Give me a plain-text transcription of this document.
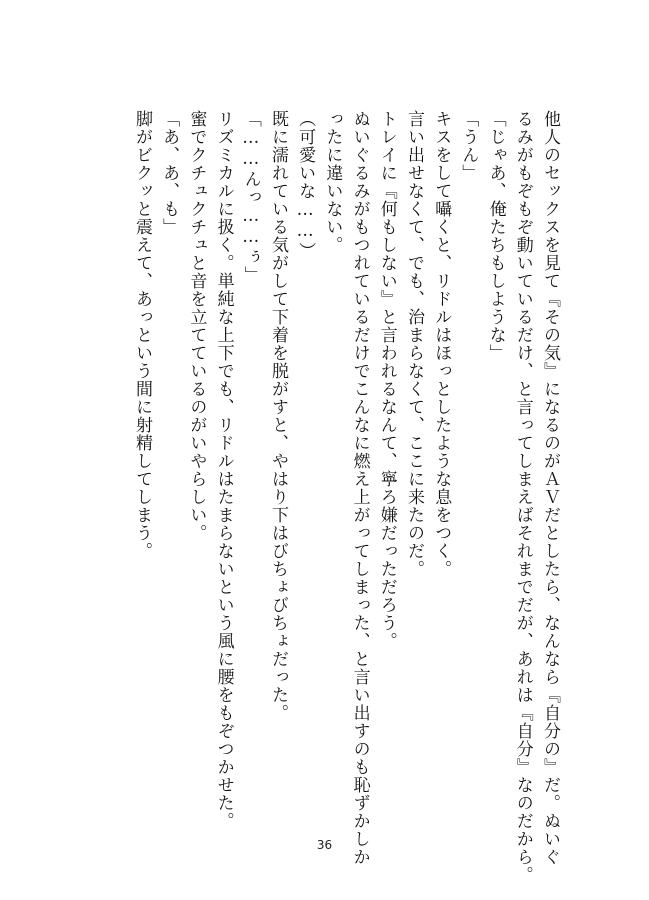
他人のセックスを見て『その気』になるのがＡＶだとしたら、なんなら『自分の』だ。ぬいぐ

るみがもぞもぞ動いているだけ、と言ってしまえばそれまでだが、あれは『自分』なのだから。

「じゃあ、俺たちもしような」

「うん」

キスをして囁くと、リドルはほっとしたような息をつく。

言い出せなくて、でも、治まらなくて、ここに来たのだ。

トレイに『何もしない』と言われるなんて、寧ろ嫌だっただろう。

ぬいぐるみがもつれているだけでこんなに燃え上がってしまった、と言い出すのも恥ずかしか

ったに違いない。

（可愛いな……）

既に濡れている気がして下着を脱がすと、やはり下はびちょびちょだった。

「……んっ……ぅ」

リズミカルに扱く。単純な上下でも、リドルはたまらないという風に腰をもぞつかせた。

蜜でクチュクチュと音を立てているのがいやらしい。

「あ、あ、も」

脚がビクッと震えて、あっという間に射精してしまう。

36
